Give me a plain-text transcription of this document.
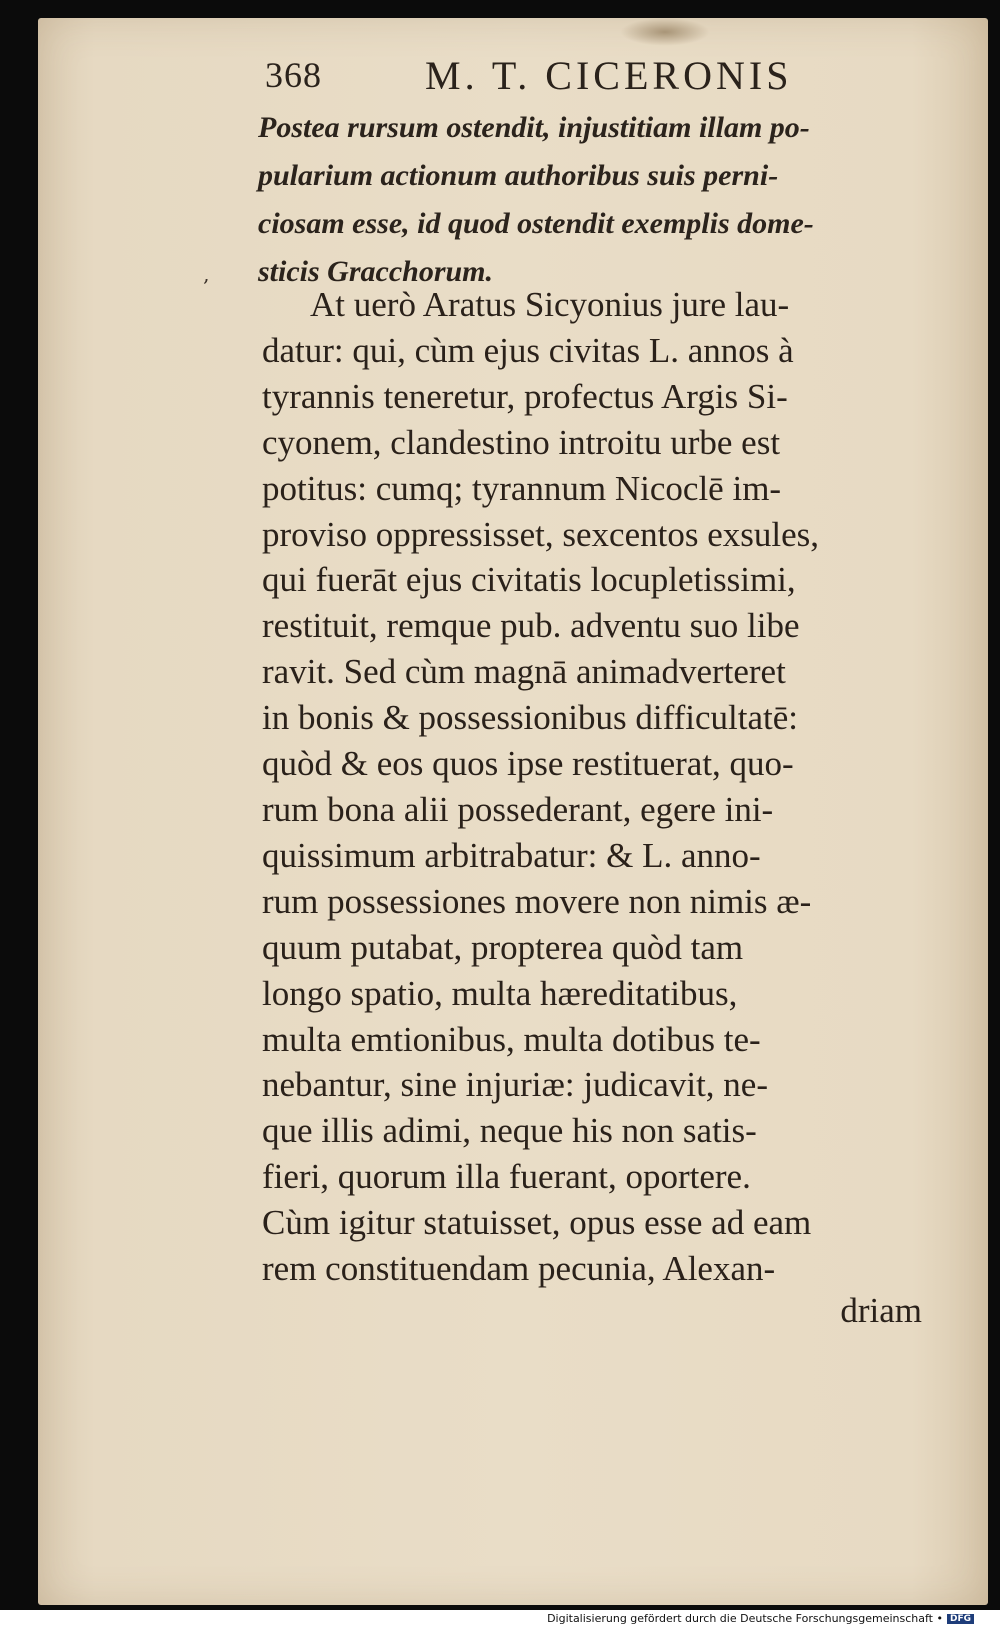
368	M. T. CICERONIS
‚
Postea rursum ostendit, injustitiam illam po-
pularium actionum authoribus suis perni-
ciosam esse, id quod ostendit exemplis dome-
sticis Gracchorum.
At uerò Aratus Sicyonius jure lau-
datur: qui, cùm ejus civitas L. annos à
tyrannis teneretur, profectus Argis Si-
cyonem, clandestino introitu urbe est
potitus: cumq; tyrannum Nicoclē im-
proviso oppressisset, sexcentos exsules,
qui fuerāt ejus civitatis locupletissimi,
restituit, remque pub. adventu suo libe
ravit. Sed cùm magnā animadverteret
in bonis & possessionibus difficultatē:
quòd & eos quos ipse restituerat, quo-
rum bona alii possederant, egere ini-
quissimum arbitrabatur: & L. anno-
rum possessiones movere non nimis æ-
quum putabat, propterea quòd tam
longo spatio, multa hæreditatibus,
multa emtionibus, multa dotibus te-
nebantur, sine injuriæ: judicavit, ne-
que illis adimi, neque his non satis-
fieri, quorum illa fuerant, oportere.
Cùm igitur statuisset, opus esse ad eam
rem constituendam pecunia, Alexan-
driam
Digitalisierung gefördert durch die Deutsche Forschungsgemeinschaft • DFG
